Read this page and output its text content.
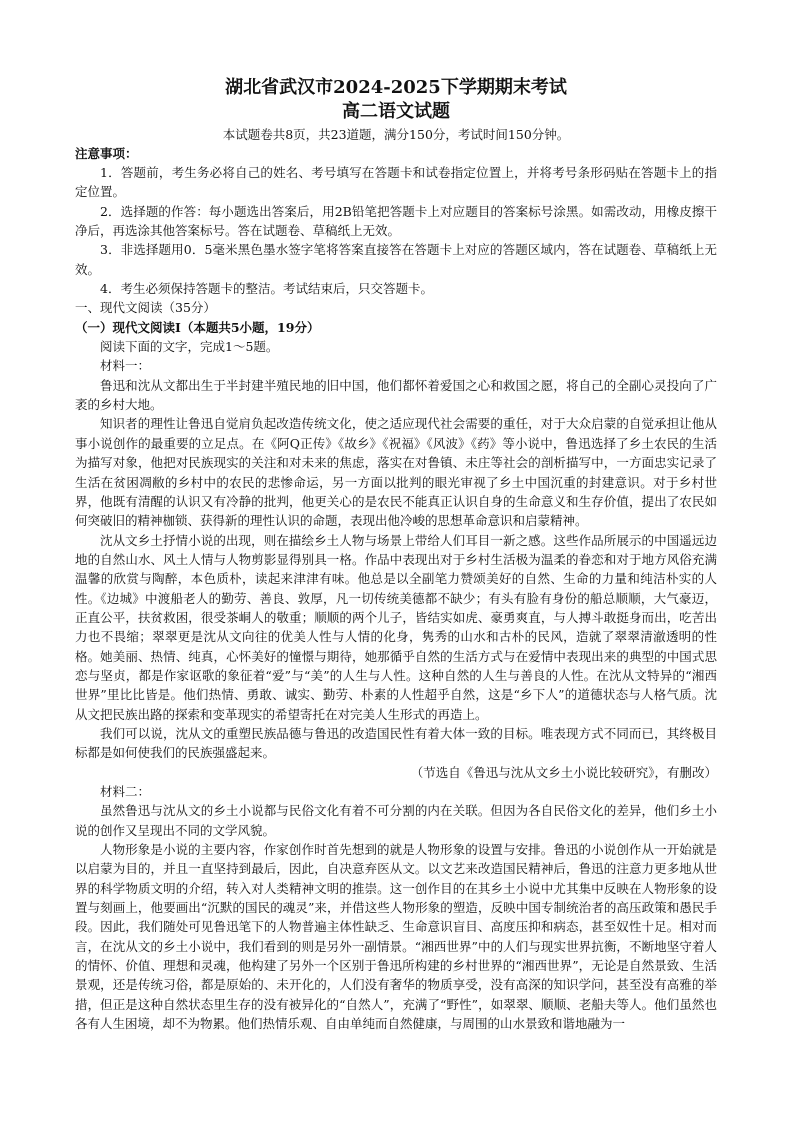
湖北省武汉市2024-2025下学期期末考试
高二语文试题
本试题卷共8页，共23道题，满分150分，考试时间150分钟。
注意事项：

1．答题前，考生务必将自己的姓名、考号填写在答题卡和试卷指定位置上，并将考号条形码贴在答题卡上的指定位置。

2．选择题的作答：每小题选出答案后，用2B铅笔把答题卡上对应题目的答案标号涂黑。如需改动，用橡皮擦干净后，再选涂其他答案标号。答在试题卷、草稿纸上无效。

3．非选择题用0．5毫米黑色墨水签字笔将答案直接答在答题卡上对应的答题区域内，答在试题卷、草稿纸上无效。

4．考生必须保持答题卡的整洁。考试结束后，只交答题卡。

一、现代文阅读（35分）

（一）现代文阅读Ⅰ（本题共5小题，19分）

阅读下面的文字，完成1～5题。

材料一：

鲁迅和沈从文都出生于半封建半殖民地的旧中国，他们都怀着爱国之心和救国之愿，将自己的全副心灵投向了广袤的乡村大地。

知识者的理性让鲁迅自觉肩负起改造传统文化，使之适应现代社会需要的重任，对于大众启蒙的自觉承担让他从事小说创作的最重要的立足点。在《阿Q正传》《故乡》《祝福》《风波》《药》等小说中，鲁迅选择了乡土农民的生活为描写对象，他把对民族现实的关注和对未来的焦虑，落实在对鲁镇、未庄等社会的剖析描写中，一方面忠实记录了生活在贫困凋敝的乡村中的农民的悲惨命运，另一方面以批判的眼光审视了乡土中国沉重的封建意识。对于乡村世界，他既有清醒的认识又有冷静的批判，他更关心的是农民不能真正认识自身的生命意义和生存价值，提出了农民如何突破旧的精神枷锁、获得新的理性认识的命题，表现出他冷峻的思想革命意识和启蒙精神。

沈从文乡土抒情小说的出现，则在描绘乡土人物与场景上带给人们耳目一新之感。这些作品所展示的中国遥远边地的自然山水、风土人情与人物剪影显得别具一格。作品中表现出对于乡村生活极为温柔的眷恋和对于地方风俗充满温馨的欣赏与陶醉，本色质朴，读起来津津有味。他总是以全副笔力赞颂美好的自然、生命的力量和纯洁朴实的人性。《边城》中渡船老人的勤劳、善良、敦厚，凡一切传统美德都不缺少；有头有脸有身份的船总顺顺，大气豪迈，正直公平，扶贫救困，很受茶峒人的敬重；顺顺的两个儿子，皆结实如虎、豪勇爽直，与人搏斗敢挺身而出，吃苦出力也不畏缩；翠翠更是沈从文向往的优美人性与人情的化身，隽秀的山水和古朴的民风，造就了翠翠清澈透明的性格。她美丽、热情、纯真，心怀美好的憧憬与期待，她那循乎自然的生活方式与在爱情中表现出来的典型的中国式思恋与坚贞，都是作家讴歌的象征着“爱”与“美”的人生与人性。这种自然的人生与善良的人性。在沈从文特异的“湘西世界”里比比皆是。他们热情、勇敢、诚实、勤劳、朴素的人性超乎自然，这是“乡下人”的道德状态与人格气质。沈从文把民族出路的探索和变革现实的希望寄托在对完美人生形式的再造上。

我们可以说，沈从文的重塑民族品德与鲁迅的改造国民性有着大体一致的目标。唯表现方式不同而已，其终极目标都是如何使我们的民族强盛起来。

（节选自《鲁迅与沈从文乡土小说比较研究》，有删改）

材料二：

虽然鲁迅与沈从文的乡土小说都与民俗文化有着不可分割的内在关联。但因为各自民俗文化的差异，他们乡土小说的创作又呈现出不同的文学风貌。

人物形象是小说的主要内容，作家创作时首先想到的就是人物形象的设置与安排。鲁迅的小说创作从一开始就是以启蒙为目的，并且一直坚持到最后，因此，自决意弃医从文。以文艺来改造国民精神后，鲁迅的注意力更多地从世界的科学物质文明的介绍，转入对人类精神文明的推崇。这一创作目的在其乡土小说中尤其集中反映在人物形象的设置与刻画上，他要画出“沉默的国民的魂灵”来，并借这些人物形象的塑造，反映中国专制统治者的高压政策和愚民手段。因此，我们随处可见鲁迅笔下的人物普遍主体性缺乏、生命意识盲目、高度压抑和病态，甚至奴性十足。相对而言，在沈从文的乡土小说中，我们看到的则是另外一副情景。“湘西世界”中的人们与现实世界抗衡，不断地坚守着人的情怀、价值、理想和灵魂，他构建了另外一个区别于鲁迅所构建的乡村世界的“湘西世界”，无论是自然景致、生活景观，还是传统习俗，都是原始的、未开化的，人们没有奢华的物质享受，没有高深的知识学问，甚至没有高雅的举措，但正是这种自然状态里生存的没有被异化的“自然人”，充满了“野性”，如翠翠、顺顺、老船夫等人。他们虽然也各有人生困境，却不为物累。他们热情乐观、自由单纯而自然健康，与周围的山水景致和谐地融为一
